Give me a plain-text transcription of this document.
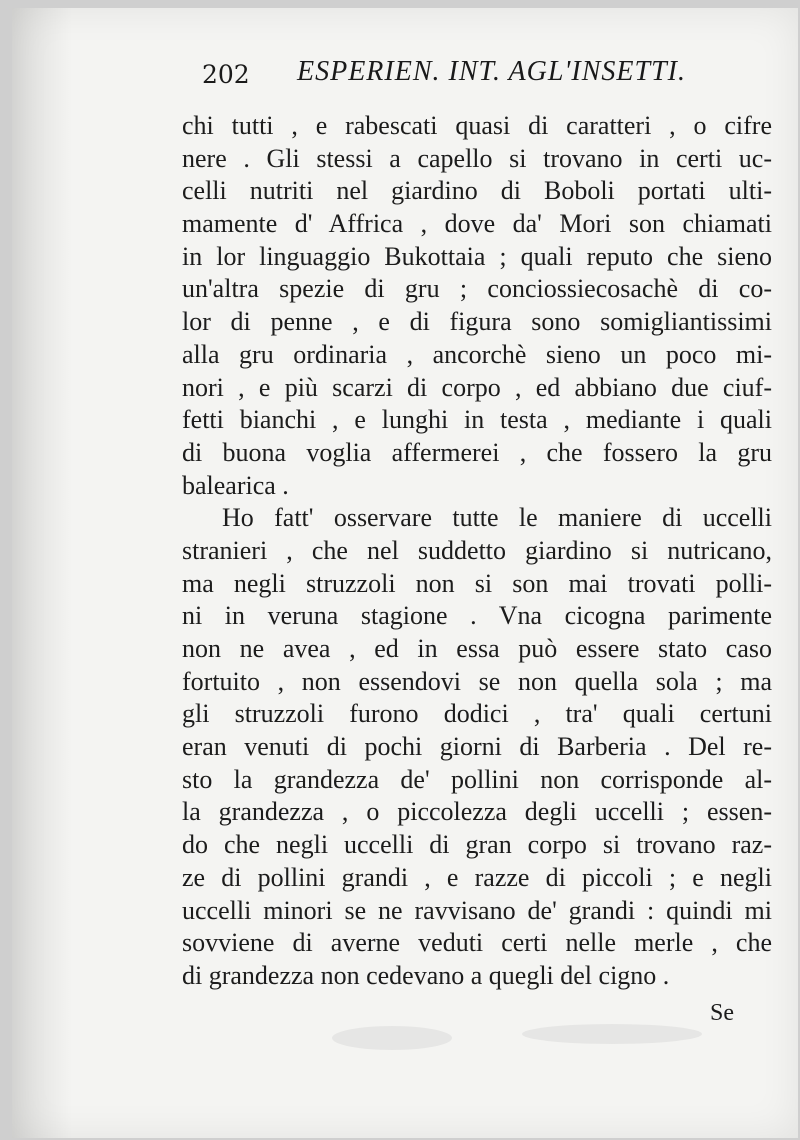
202 ESPERIEN. INT. AGL'INSETTI.
chi tutti , e rabescati quasi di caratteri , o cifre
nere . Gli stessi a capello si trovano in certi uc-
celli nutriti nel giardino di Boboli portati ulti-
mamente d' Affrica , dove da' Mori son chiamati
in lor linguaggio Bukottaia ; quali reputo che sieno
un'altra spezie di gru ; conciossiecosachè di co-
lor di penne , e di figura sono somigliantissimi
alla gru ordinaria , ancorchè sieno un poco mi-
nori , e più scarzi di corpo , ed abbiano due ciuf-
fetti bianchi , e lunghi in testa , mediante i quali
di buona voglia affermerei , che fossero la gru
balearica .
Ho fatt' osservare tutte le maniere di uccelli
stranieri , che nel suddetto giardino si nutricano,
ma negli struzzoli non si son mai trovati polli-
ni in veruna stagione . Vna cicogna parimente
non ne avea , ed in essa può essere stato caso
fortuito , non essendovi se non quella sola ; ma
gli struzzoli furono dodici , tra' quali certuni
eran venuti di pochi giorni di Barberia . Del re-
sto la grandezza de' pollini non corrisponde al-
la grandezza , o piccolezza degli uccelli ; essen-
do che negli uccelli di gran corpo si trovano raz-
ze di pollini grandi , e razze di piccoli ; e negli
uccelli minori se ne ravvisano de' grandi : quindi mi
sovviene di averne veduti certi nelle merle , che
di grandezza non cedevano a quegli del cigno .
Se
